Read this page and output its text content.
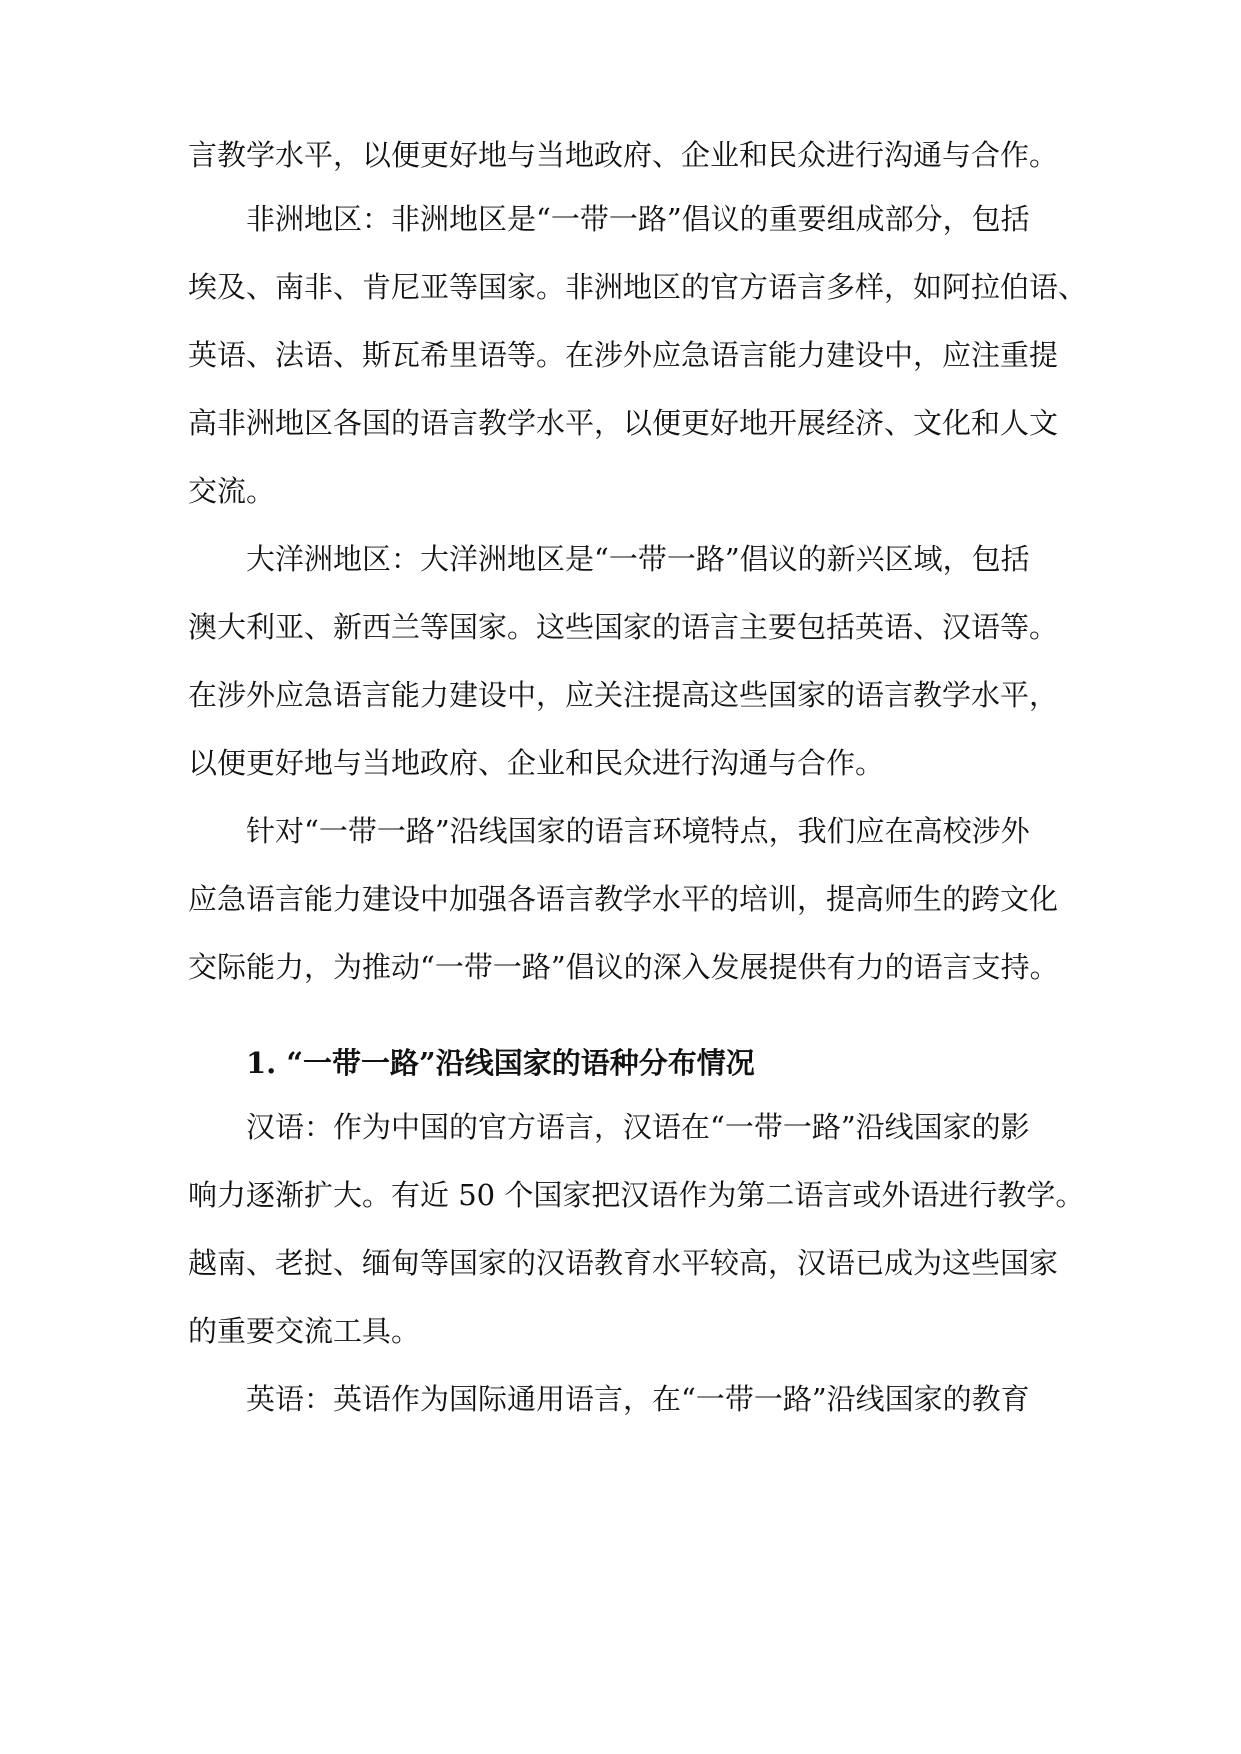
言教学水平，以便更好地与当地政府、企业和民众进行沟通与合作。
非洲地区：非洲地区是“一带一路”倡议的重要组成部分，包括
埃及、南非、肯尼亚等国家。非洲地区的官方语言多样，如阿拉伯语、
英语、法语、斯瓦希里语等。在涉外应急语言能力建设中，应注重提
高非洲地区各国的语言教学水平，以便更好地开展经济、文化和人文
交流。
大洋洲地区：大洋洲地区是“一带一路”倡议的新兴区域，包括
澳大利亚、新西兰等国家。这些国家的语言主要包括英语、汉语等。
在涉外应急语言能力建设中，应关注提高这些国家的语言教学水平，
以便更好地与当地政府、企业和民众进行沟通与合作。
针对“一带一路”沿线国家的语言环境特点，我们应在高校涉外
应急语言能力建设中加强各语言教学水平的培训，提高师生的跨文化
交际能力，为推动“一带一路”倡议的深入发展提供有力的语言支持。
1. “一带一路”沿线国家的语种分布情况
汉语：作为中国的官方语言，汉语在“一带一路”沿线国家的影
响力逐渐扩大。有近 50 个国家把汉语作为第二语言或外语进行教学。
越南、老挝、缅甸等国家的汉语教育水平较高，汉语已成为这些国家
的重要交流工具。
英语：英语作为国际通用语言，在“一带一路”沿线国家的教育
